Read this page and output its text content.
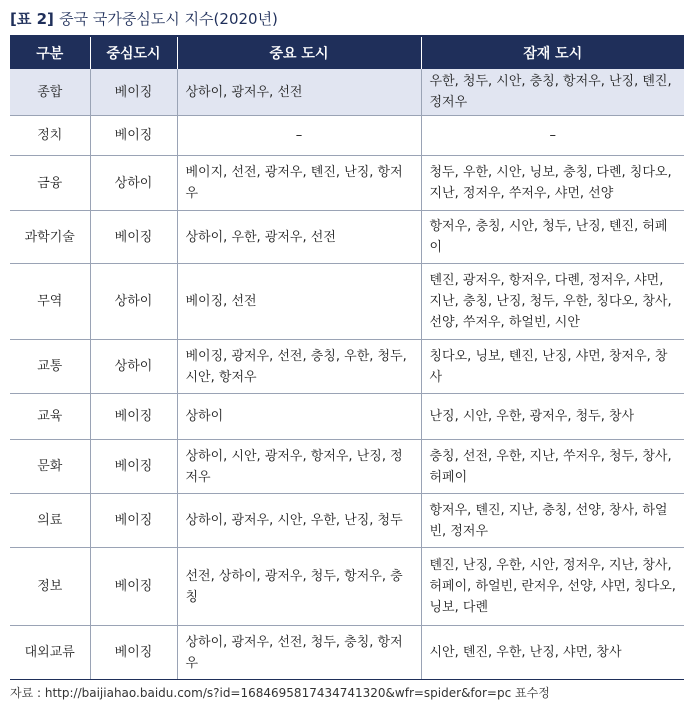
[표 2] 중국 국가중심도시 지수(2020년)
구분	중심도시	중요 도시	잠재 도시
종합	베이징	상하이, 광저우, 선전	우한, 청두, 시안, 충칭, 항저우, 난징, 톈진, 정저우
정치	베이징	–	–
금융	상하이	베이지, 선전, 광저우, 톈진, 난징, 항저우	청두, 우한, 시안, 닝보, 충칭, 다롄, 칭다오, 지난, 정저우, 쑤저우, 샤먼, 선양
과학기술	베이징	상하이, 우한, 광저우, 선전	항저우, 충칭, 시안, 청두, 난징, 톈진, 허페이
무역	상하이	베이징, 선전	톈진, 광저우, 항저우, 다롄, 정저우, 샤먼, 지난, 충칭, 난징, 청두, 우한, 칭다오, 창사, 선양, 쑤저우, 하얼빈, 시안
교통	상하이	베이징, 광저우, 선전, 충칭, 우한, 청두, 시안, 항저우	칭다오, 닝보, 톈진, 난징, 샤먼, 창저우, 창사
교육	베이징	상하이	난징, 시안, 우한, 광저우, 청두, 창사
문화	베이징	상하이, 시안, 광저우, 항저우, 난징, 정저우	충칭, 선전, 우한, 지난, 쑤저우, 청두, 창사, 허페이
의료	베이징	상하이, 광저우, 시안, 우한, 난징, 청두	항저우, 톈진, 지난, 충칭, 선양, 창사, 하얼빈, 정저우
정보	베이징	선전, 상하이, 광저우, 청두, 항저우, 충칭	톈진, 난징, 우한, 시안, 정저우, 지난, 창사, 허페이, 하얼빈, 란저우, 선양, 샤먼, 칭다오, 닝보, 다롄
대외교류	베이징	상하이, 광저우, 선전, 청두, 충칭, 항저우	시안, 톈진, 우한, 난징, 샤먼, 창사
자료 : http://baijiahao.baidu.com/s?id=1684695817434741320&wfr=spider&for=pc 표수정
